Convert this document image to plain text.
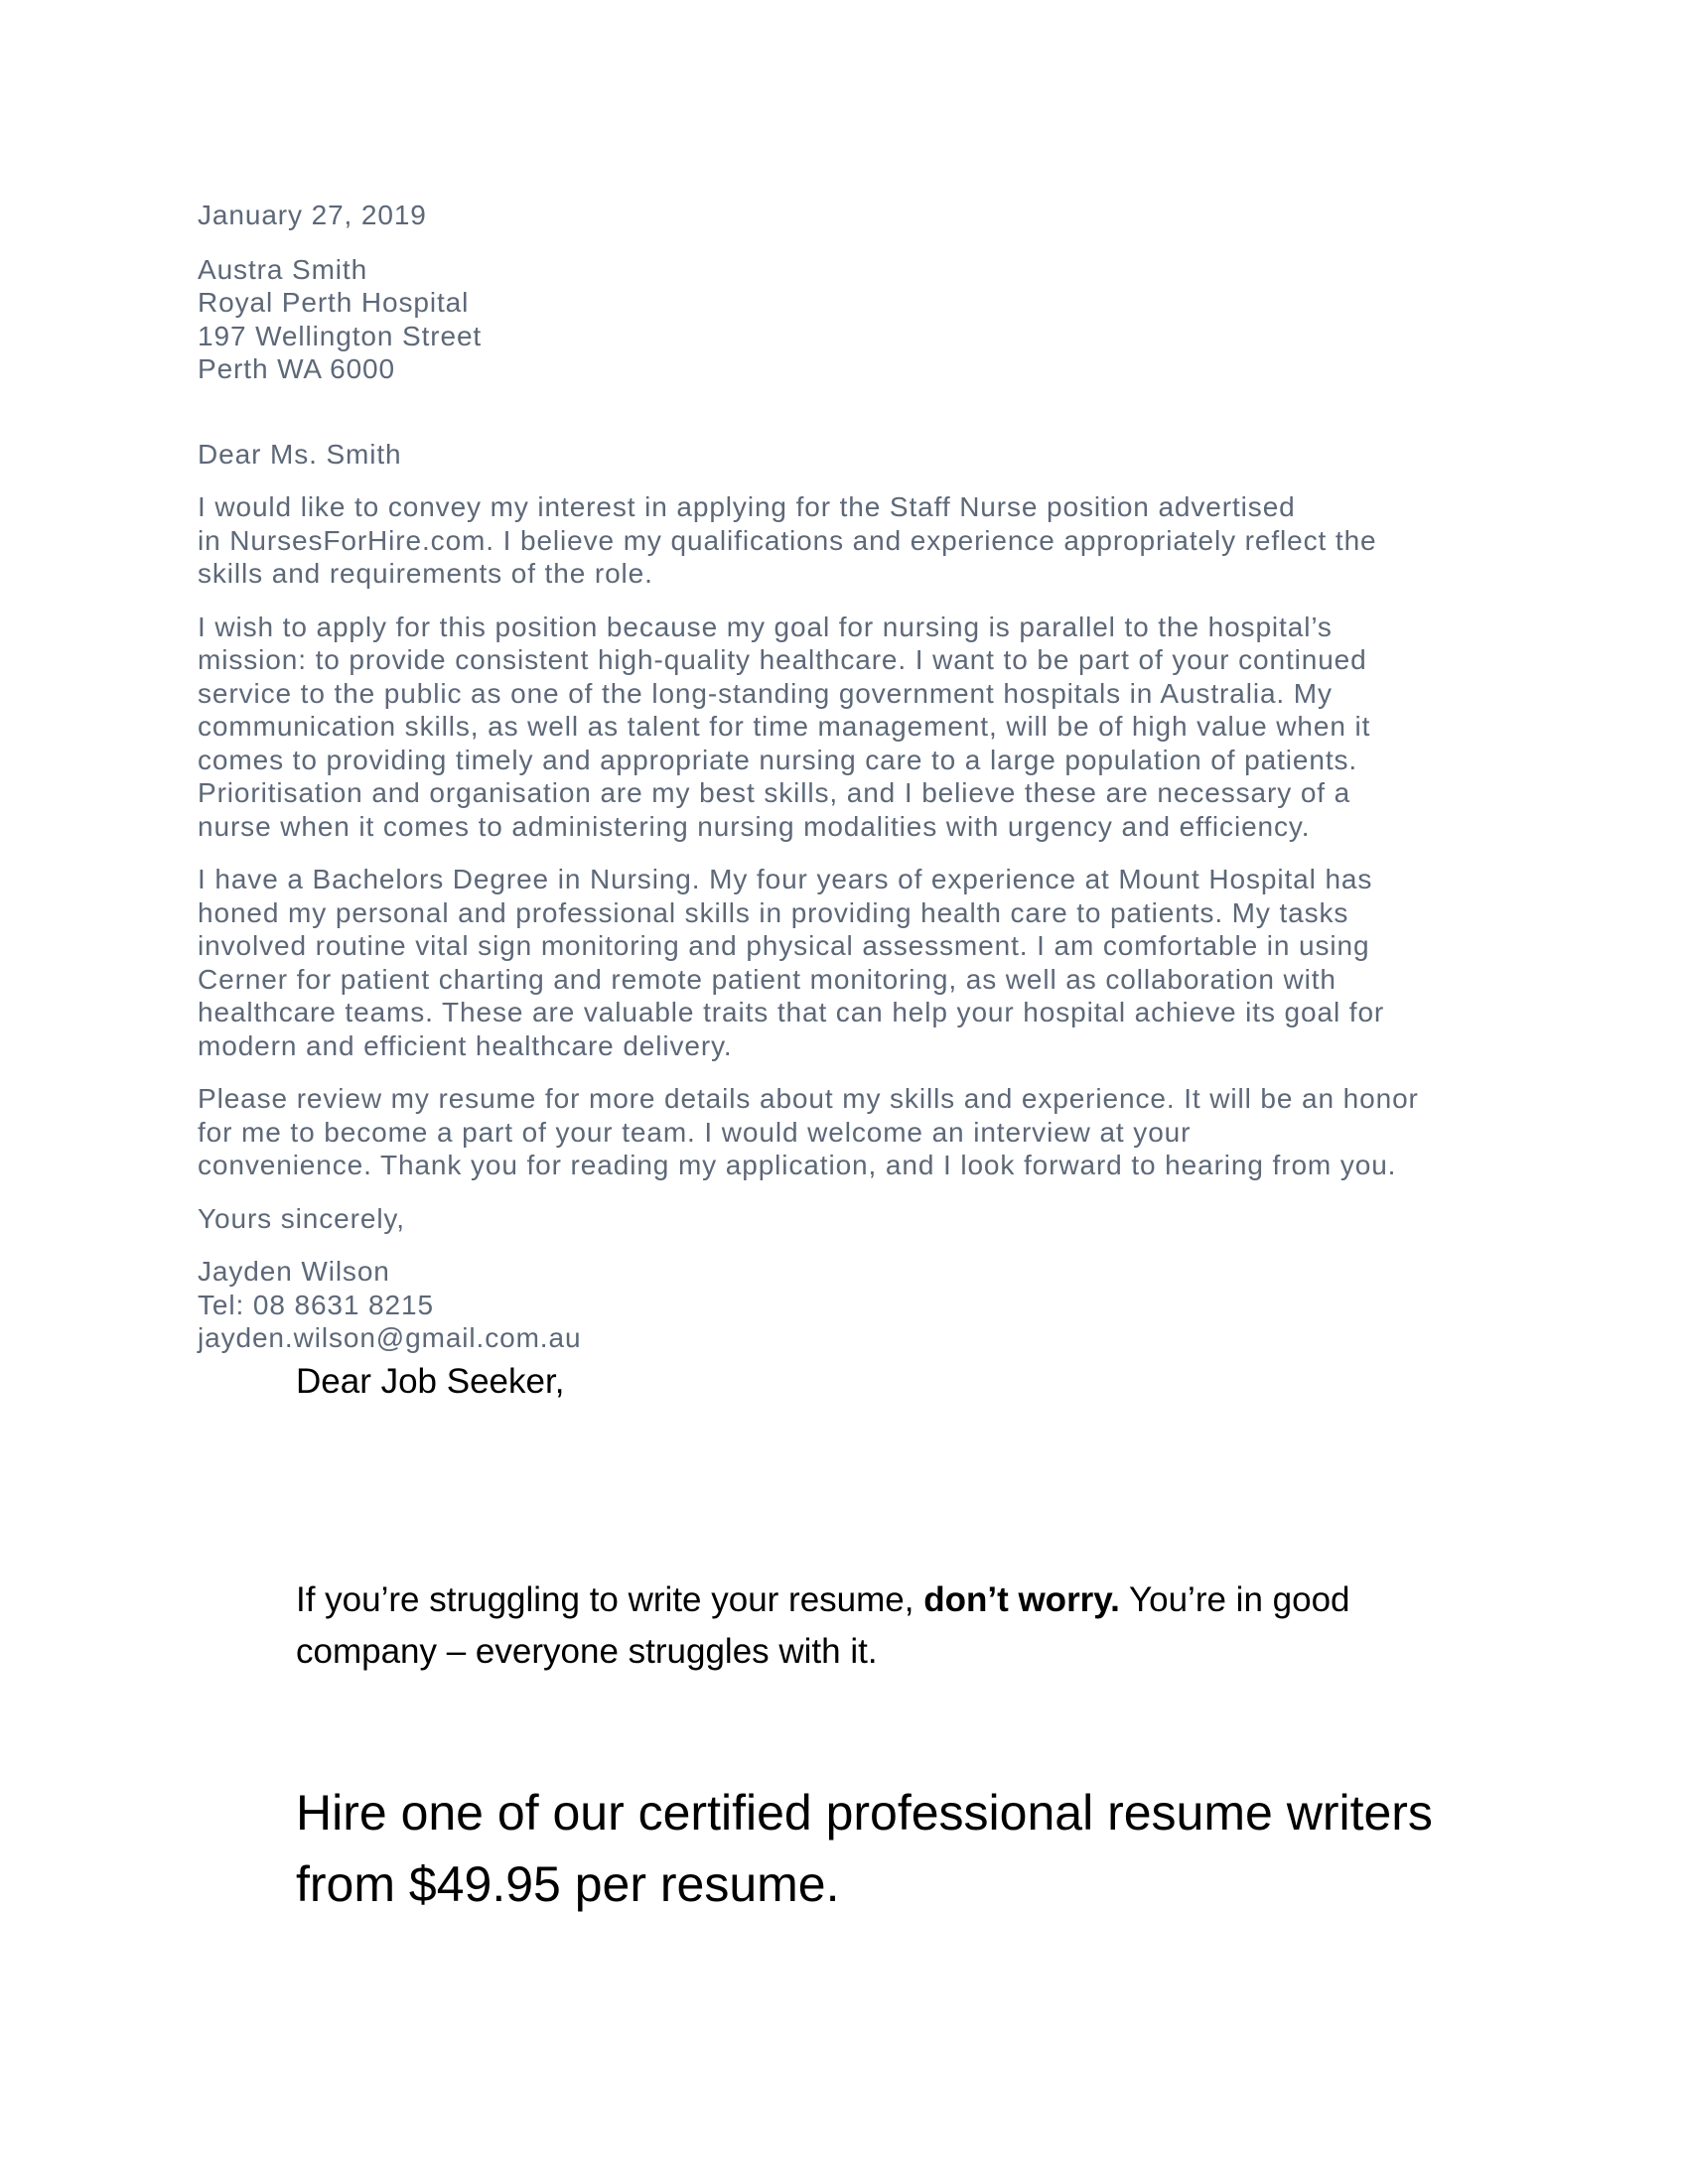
January 27, 2019
Austra Smith
Royal Perth Hospital
197 Wellington Street
Perth WA 6000
Dear Ms. Smith

I would like to convey my interest in applying for the Staff Nurse position advertised
in NursesForHire.com. I believe my qualifications and experience appropriately reflect the
skills and requirements of the role.

I wish to apply for this position because my goal for nursing is parallel to the hospital’s
mission: to provide consistent high-quality healthcare. I want to be part of your continued
service to the public as one of the long-standing government hospitals in Australia. My
communication skills, as well as talent for time management, will be of high value when it
comes to providing timely and appropriate nursing care to a large population of patients.
Prioritisation and organisation are my best skills, and I believe these are necessary of a
nurse when it comes to administering nursing modalities with urgency and efficiency.

I have a Bachelors Degree in Nursing. My four years of experience at Mount Hospital has
honed my personal and professional skills in providing health care to patients. My tasks
involved routine vital sign monitoring and physical assessment. I am comfortable in using
Cerner for patient charting and remote patient monitoring, as well as collaboration with
healthcare teams. These are valuable traits that can help your hospital achieve its goal for
modern and efficient healthcare delivery.

Please review my resume for more details about my skills and experience. It will be an honor
for me to become a part of your team. I would welcome an interview at your
convenience. Thank you for reading my application, and I look forward to hearing from you.

Yours sincerely,
Jayden Wilson
Tel: 08 8631 8215
jayden.wilson@gmail.com.au

Dear Job Seeker,

If you’re struggling to write your resume, don’t worry. You’re in good
company – everyone struggles with it.

Hire one of our certified professional resume writers
from $49.95 per resume.
